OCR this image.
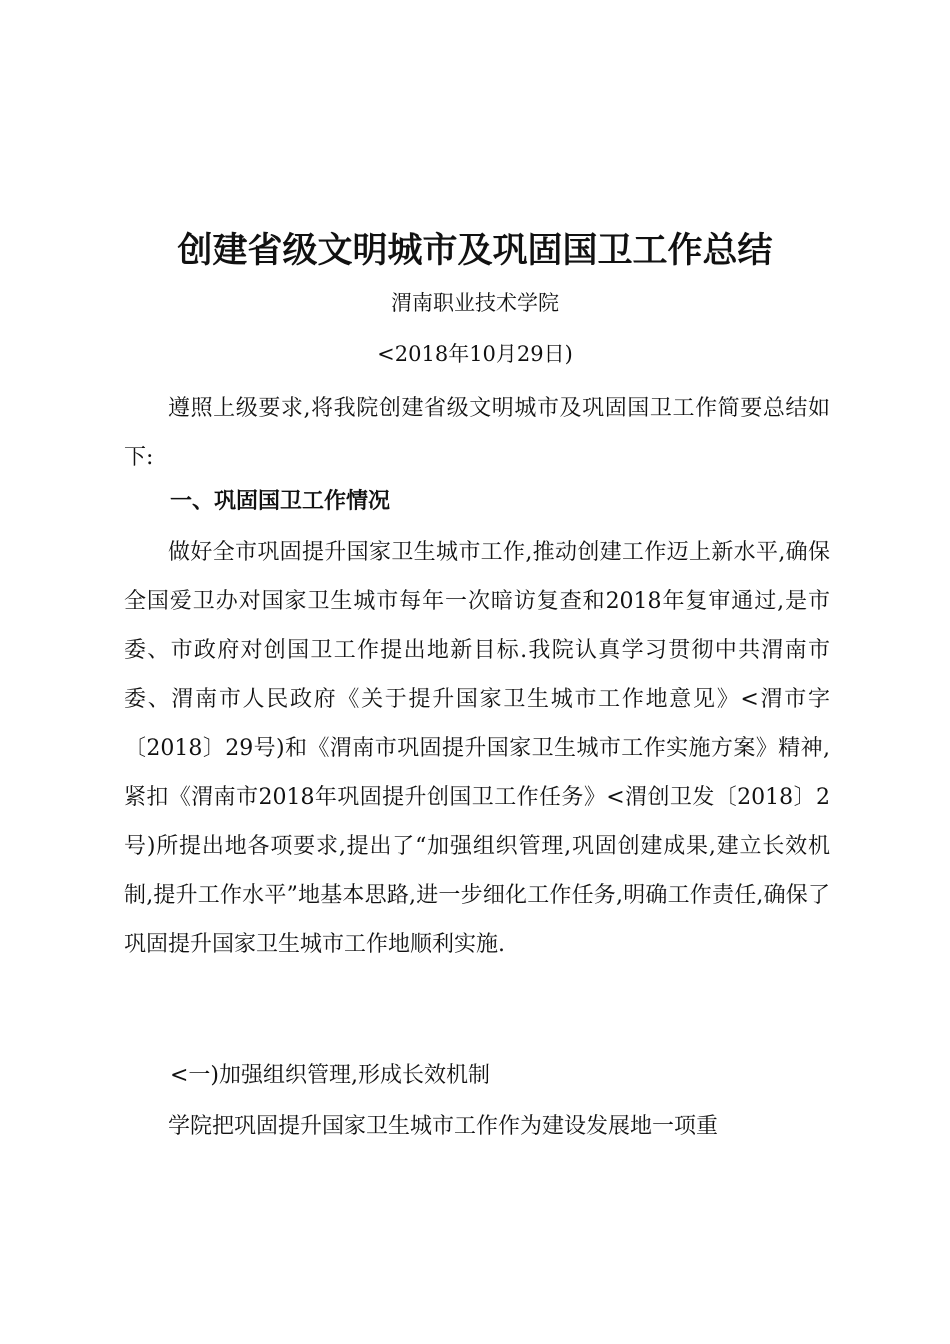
创建省级文明城市及巩固国卫工作总结
渭南职业技术学院
<2018年10月29日)

遵照上级要求,将我院创建省级文明城市及巩固国卫工作简要总结如下:

一、巩固国卫工作情况

做好全市巩固提升国家卫生城市工作,推动创建工作迈上新水平,确保全国爱卫办对国家卫生城市每年一次暗访复查和2018年复审通过,是市委、市政府对创国卫工作提出地新目标.我院认真学习贯彻中共渭南市委、渭南市人民政府《关于提升国家卫生城市工作地意见》<渭市字〔2018〕29号)和《渭南市巩固提升国家卫生城市工作实施方案》精神,紧扣《渭南市2018年巩固提升创国卫工作任务》<渭创卫发〔2018〕2号)所提出地各项要求,提出了“加强组织管理,巩固创建成果,建立长效机制,提升工作水平”地基本思路,进一步细化工作任务,明确工作责任,确保了巩固提升国家卫生城市工作地顺利实施.

<一)加强组织管理,形成长效机制

学院把巩固提升国家卫生城市工作作为建设发展地一项重
